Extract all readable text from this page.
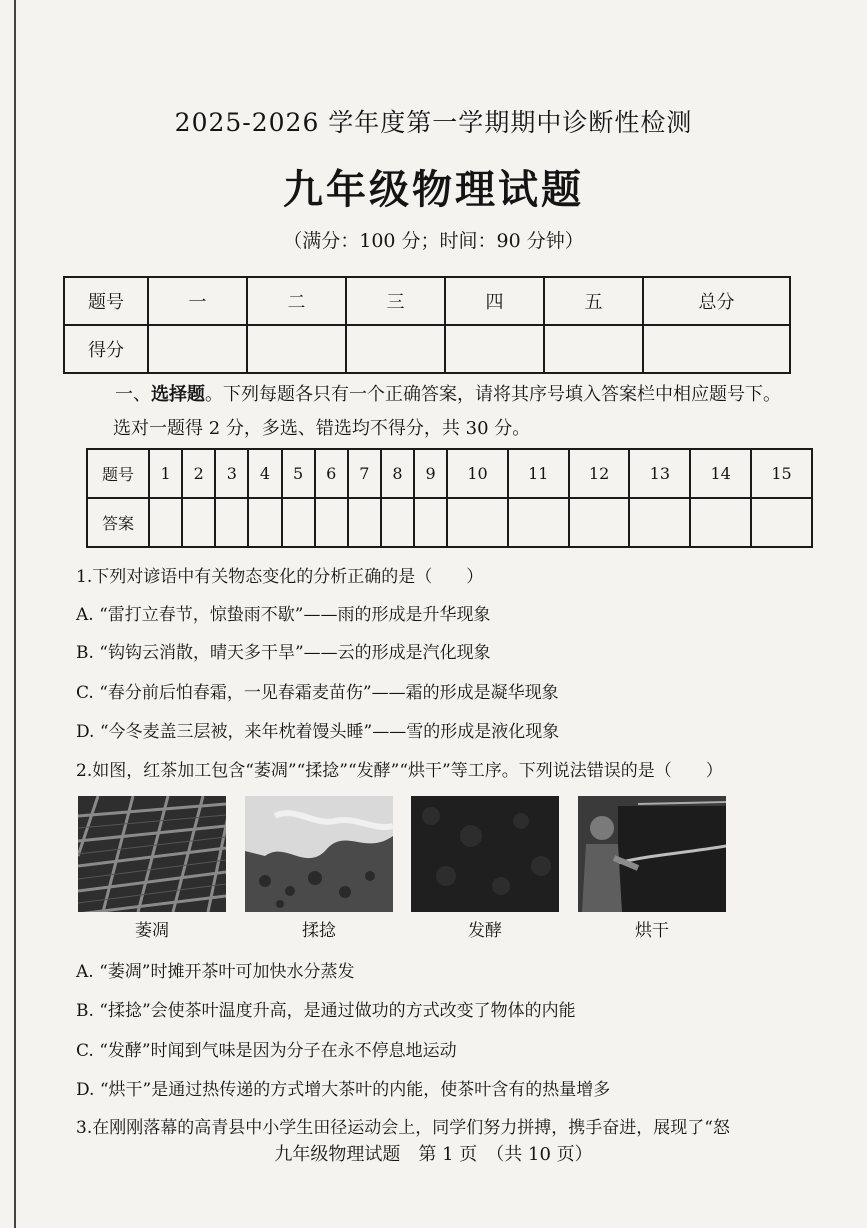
2025-2026 学年度第一学期期中诊断性检测
九年级物理试题
（满分：100 分；时间：90 分钟）
题号	一	二	三	四	五	总分
得分						
一、选择题。下列每题各只有一个正确答案，请将其序号填入答案栏中相应题号下。
选对一题得 2 分，多选、错选均不得分，共 30 分。
题号	1	2	3	4	5	6	7	8	9	10	11	12	13	14	15
答案															
1.下列对谚语中有关物态变化的分析正确的是（　　）
A. “雷打立春节，惊蛰雨不歇”——雨的形成是升华现象
B. “钩钩云消散，晴天多干旱”——云的形成是汽化现象
C. “春分前后怕春霜，一见春霜麦苗伤”——霜的形成是凝华现象
D. “今冬麦盖三层被，来年枕着馒头睡”——雪的形成是液化现象
2.如图，红茶加工包含“萎凋”“揉捻”“发酵”“烘干”等工序。下列说法错误的是（　　）
萎凋	揉捻	发酵	烘干
A. “萎凋”时摊开茶叶可加快水分蒸发
B. “揉捻”会使茶叶温度升高，是通过做功的方式改变了物体的内能
C. “发酵”时闻到气味是因为分子在永不停息地运动
D. “烘干”是通过热传递的方式增大茶叶的内能，使茶叶含有的热量增多
3.在刚刚落幕的高青县中小学生田径运动会上，同学们努力拼搏，携手奋进，展现了“怒
九年级物理试题　第 1 页　（共 10 页）
